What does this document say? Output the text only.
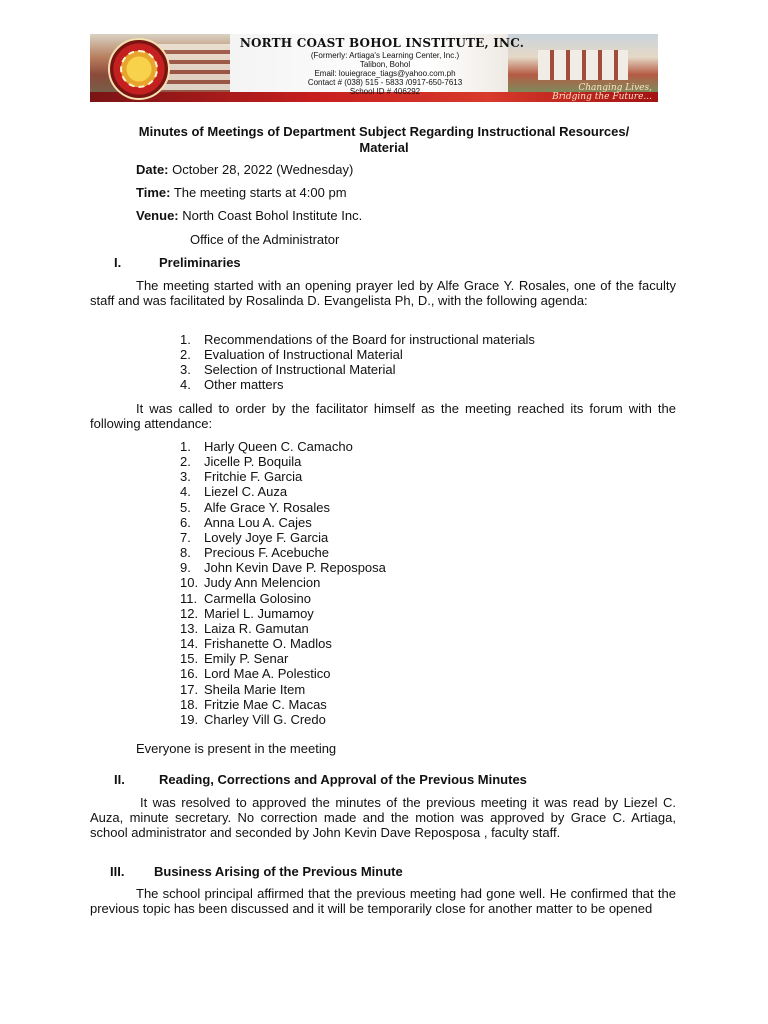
NORTH COAST BOHOL INSTITUTE, INC.
(Formerly: Artiaga's Learning Center, Inc.)
Talibon, Bohol
Email: louiegrace_tiags@yahoo.com.ph
Contact # (038) 515 - 5833 /0917-650-7613
School ID # 406292	Changing Lives,
Bridging the Future...
Minutes of Meetings of Department Subject Regarding Instructional Resources/
Material
Date: October 28, 2022 (Wednesday)
Time: The meeting starts at 4:00 pm
Venue: North Coast Bohol Institute Inc.
Office of the Administrator
I.	Preliminaries
The meeting started with an opening prayer led by Alfe Grace Y. Rosales, one of the faculty staff and was facilitated by Rosalinda D. Evangelista Ph, D., with the following agenda:
1.	Recommendations of the Board for instructional materials
2.	Evaluation of Instructional Material
3.	Selection of Instructional Material
4.	Other matters
It was called to order by the facilitator himself as the meeting reached its forum with the following attendance:
1.	Harly Queen C. Camacho
2.	Jicelle P. Boquila
3.	Fritchie F. Garcia
4.	Liezel C. Auza
5.	Alfe Grace Y. Rosales
6.	Anna Lou A. Cajes
7.	Lovely Joye F. Garcia
8.	Precious F. Acebuche
9.	John Kevin Dave P. Reposposa
10. Judy Ann Melencion
11. Carmella Golosino
12. Mariel L. Jumamoy
13. Laiza R. Gamutan
14. Frishanette O. Madlos
15. Emily P. Senar
16. Lord Mae A. Polestico
17. Sheila Marie Item
18. Fritzie Mae C. Macas
19. Charley Vill G. Credo
Everyone is present in the meeting
II.	Reading, Corrections and Approval of the Previous Minutes
It was resolved to approved the minutes of the previous meeting it was read by Liezel C. Auza, minute secretary. No correction made and the motion was approved by Grace C. Artiaga, school administrator and seconded by John Kevin Dave Reposposa , faculty staff.
III. Business Arising of the Previous Minute
The school principal affirmed that the previous meeting had gone well. He confirmed that the previous topic has been discussed and it will be temporarily close for another matter to be opened
